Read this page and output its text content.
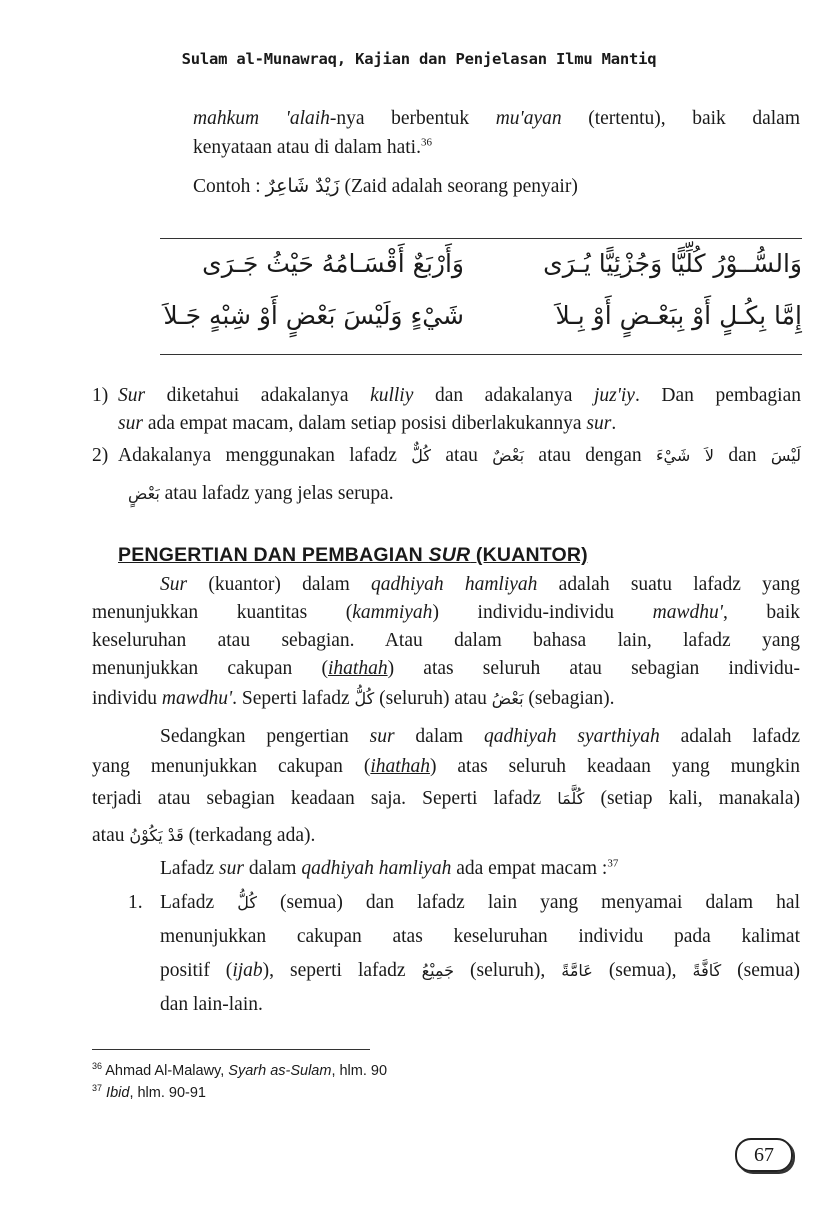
Sulam al-Munawraq, Kajian dan Penjelasan Ilmu Mantiq
mahkum 'alaih-nya berbentuk mu'ayan (tertentu), baik dalam
kenyataan atau di dalam hati.$^{36}$
Contoh : زَيْدٌ شَاعِرٌ (Zaid adalah seorang penyair)
وَالسُّــوْرُ كُلِّيًّا وَجُزْئِيًّا يُـرَى
وَأَرْبَعٌ أَقْسَـامُهُ حَيْثُ جَـرَى
إِمَّا بِكُـلٍ أَوْ بِبَعْـضٍ أَوْ بِـلاَ
شَيْءٍ وَلَيْسَ بَعْضٍ أَوْ شِبْهٍ جَـلاَ
1) Sur diketahui adakalanya kulliy dan adakalanya juz'iy. Dan pembagian
sur ada empat macam, dalam setiap posisi diberlakukannya sur.
2) Adakalanya menggunakan lafadz كُلٌّ atau بَعْضٌ atau dengan لاَ شَيْءَ dan لَيْسَ
بَعْضٍ atau lafadz yang jelas serupa.
PENGERTIAN DAN PEMBAGIAN SUR (KUANTOR)
Sur (kuantor) dalam qadhiyah hamliyah adalah suatu lafadz yang
menunjukkan kuantitas (kammiyah) individu-individu mawdhu', baik
keseluruhan atau sebagian. Atau dalam bahasa lain, lafadz yang
menunjukkan cakupan (ihathah) atas seluruh atau sebagian individu-
individu mawdhu'. Seperti lafadz كُلُّ (seluruh) atau بَعْضُ (sebagian).
Sedangkan pengertian sur dalam qadhiyah syarthiyah adalah lafadz
yang menunjukkan cakupan (ihathah) atas seluruh keadaan yang mungkin
terjadi atau sebagian keadaan saja. Seperti lafadz كُلَّمَا (setiap kali, manakala)
atau قَدْ يَكُوْنُ (terkadang ada).
Lafadz sur dalam qadhiyah hamliyah ada empat macam :$^{37}$
1. Lafadz كُلُّ (semua) dan lafadz lain yang menyamai dalam hal
menunjukkan cakupan atas keseluruhan individu pada kalimat
positif (ijab), seperti lafadz جَمِيْعُ (seluruh), عَامَّةً (semua), كَافَّةً (semua)
dan lain-lain.
$^{36}$ Ahmad Al-Malawy, Syarh as-Sulam, hlm. 90
$^{37}$ Ibid, hlm. 90-91
67
